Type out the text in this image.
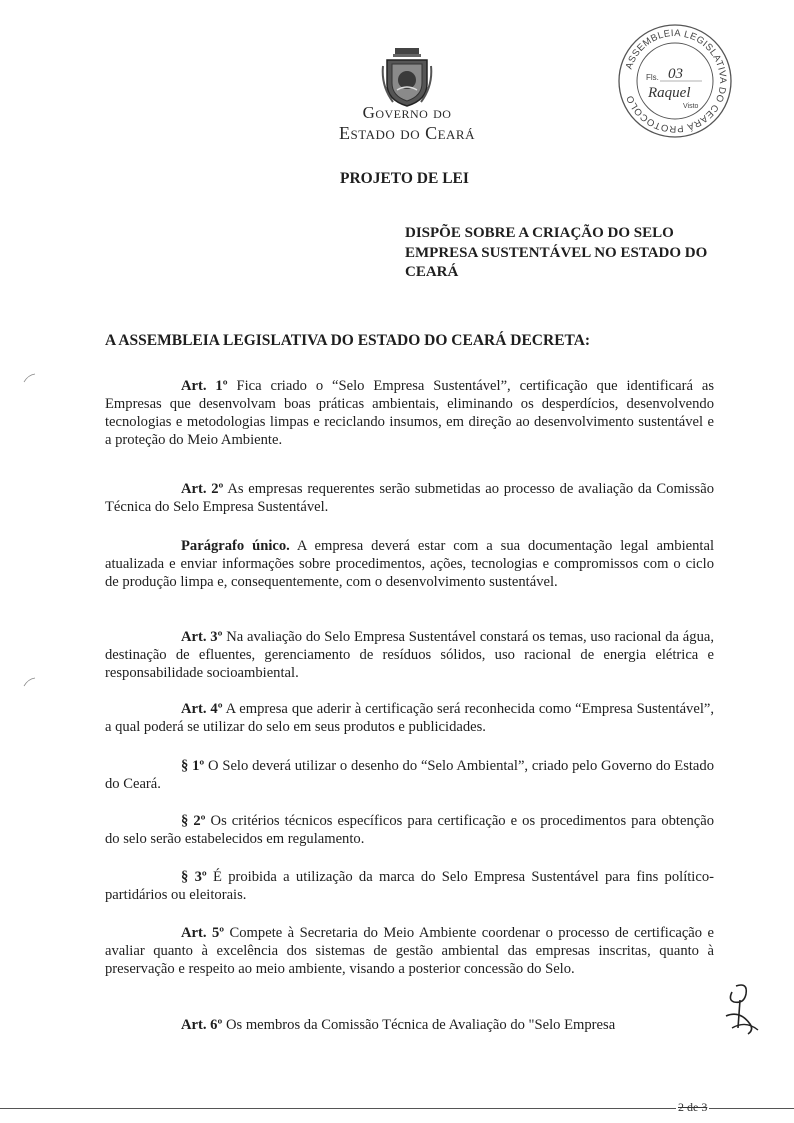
Governo do
Estado do Ceará
ASSEMBLEIA LEGISLATIVA DO CEARÁ PROTOCOLO
Fls. 03
Raquel
Visto
PROJETO DE LEI
DISPÕE SOBRE A CRIAÇÃO DO SELO EMPRESA SUSTENTÁVEL NO ESTADO DO CEARÁ
A ASSEMBLEIA LEGISLATIVA DO ESTADO DO CEARÁ DECRETA:

Art. 1º Fica criado o “Selo Empresa Sustentável”, certificação que identificará as Empresas que desenvolvam boas práticas ambientais, eliminando os desperdícios, desenvolvendo tecnologias e metodologias limpas e reciclando insumos, em direção ao desenvolvimento sustentável e a proteção do Meio Ambiente.

Art. 2º As empresas requerentes serão submetidas ao processo de avaliação da Comissão Técnica do Selo Empresa Sustentável.

Parágrafo único. A empresa deverá estar com a sua documentação legal ambiental atualizada e enviar informações sobre procedimentos, ações, tecnologias e compromissos com o ciclo de produção limpa e, consequentemente, com o desenvolvimento sustentável.

Art. 3º Na avaliação do Selo Empresa Sustentável constará os temas, uso racional da água, destinação de efluentes, gerenciamento de resíduos sólidos, uso racional de energia elétrica e responsabilidade socioambiental.

Art. 4º A empresa que aderir à certificação será reconhecida como “Empresa Sustentável”, a qual poderá se utilizar do selo em seus produtos e publicidades.

§ 1º O Selo deverá utilizar o desenho do “Selo Ambiental”, criado pelo Governo do Estado do Ceará.

§ 2º Os critérios técnicos específicos para certificação e os procedimentos para obtenção do selo serão estabelecidos em regulamento.

§ 3º É proibida a utilização da marca do Selo Empresa Sustentável para fins político-partidários ou eleitorais.

Art. 5º Compete à Secretaria do Meio Ambiente coordenar o processo de certificação e avaliar quanto à excelência dos sistemas de gestão ambiental das empresas inscritas, quanto à preservação e respeito ao meio ambiente, visando a posterior concessão do Selo.

Art. 6º Os membros da Comissão Técnica de Avaliação do "Selo Empresa

2 de 3
